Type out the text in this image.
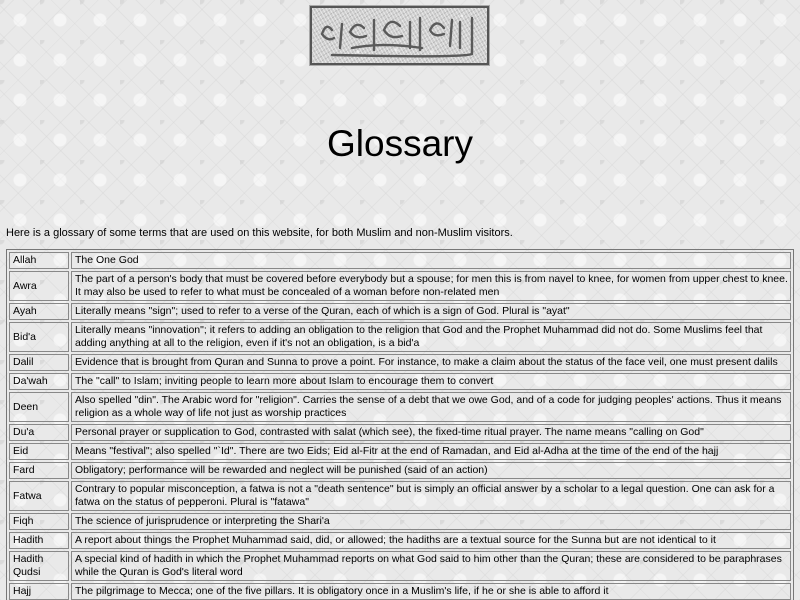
Glossary

Here is a glossary of some terms that are used on this website, for both Muslim and non-Muslim visitors.

Allah	The One God
Awra	The part of a person's body that must be covered before everybody but a spouse; for men this is from navel to knee, for women from upper chest to knee. It may also be used to refer to what must be concealed of a woman before non-related men
Ayah	Literally means "sign"; used to refer to a verse of the Quran, each of which is a sign of God. Plural is "ayat"
Bid'a	Literally means "innovation"; it refers to adding an obligation to the religion that God and the Prophet Muhammad did not do. Some Muslims feel that adding anything at all to the religion, even if it's not an obligation, is a bid'a
Dalil	Evidence that is brought from Quran and Sunna to prove a point. For instance, to make a claim about the status of the face veil, one must present dalils
Da'wah	The "call" to Islam; inviting people to learn more about Islam to encourage them to convert
Deen	Also spelled "din". The Arabic word for "religion". Carries the sense of a debt that we owe God, and of a code for judging peoples' actions. Thus it means religion as a whole way of life not just as worship practices
Du'a	Personal prayer or supplication to God, contrasted with salat (which see), the fixed-time ritual prayer. The name means "calling on God"
Eid	Means "festival"; also spelled "`Id". There are two Eids; Eid al-Fitr at the end of Ramadan, and Eid al-Adha at the time of the end of the hajj
Fard	Obligatory; performance will be rewarded and neglect will be punished (said of an action)
Fatwa	Contrary to popular misconception, a fatwa is not a "death sentence" but is simply an official answer by a scholar to a legal question. One can ask for a fatwa on the status of pepperoni. Plural is "fatawa"
Fiqh	The science of jurisprudence or interpreting the Shari'a
Hadith	A report about things the Prophet Muhammad said, did, or allowed; the hadiths are a textual source for the Sunna but are not identical to it
Hadith Qudsi	A special kind of hadith in which the Prophet Muhammad reports on what God said to him other than the Quran; these are considered to be paraphrases while the Quran is God's literal word
Hajj	The pilgrimage to Mecca; one of the five pillars. It is obligatory once in a Muslim's life, if he or she is able to afford it
